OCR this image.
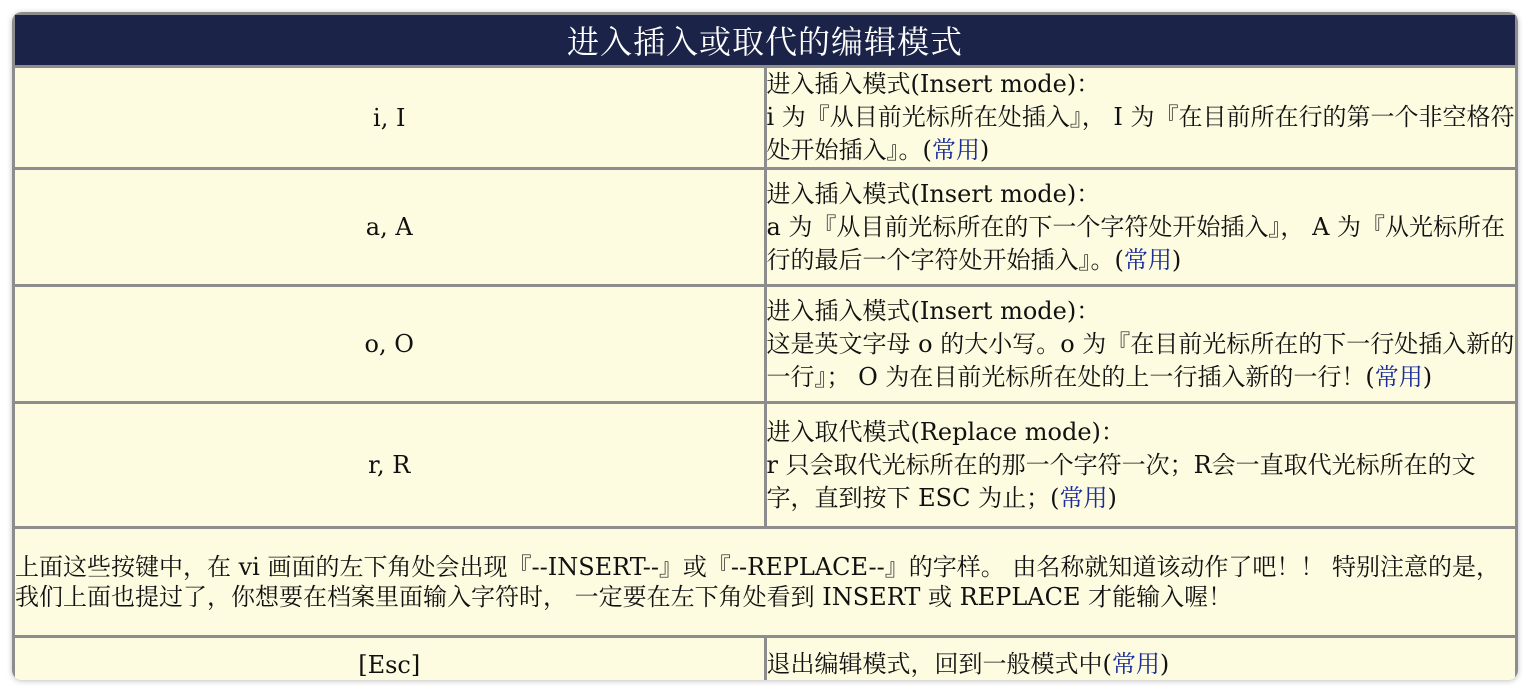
进入插入或取代的编辑模式	
i, I	进入插入模式(Insert mode)：
i 为『从目前光标所在处插入』， I 为『在目前所在行的第一个非空格符处开始插入』。(常用)

a, A	进入插入模式(Insert mode)：
a 为『从目前光标所在的下一个字符处开始插入』， A 为『从光标所在行的最后一个字符处开始插入』。(常用)

o, O	进入插入模式(Insert mode)：
这是英文字母 o 的大小写。o 为『在目前光标所在的下一行处插入新的一行』； O 为在目前光标所在处的上一行插入新的一行！(常用)

r, R	进入取代模式(Replace mode)：
r 只会取代光标所在的那一个字符一次；R会一直取代光标所在的文字，直到按下 ESC 为止；(常用)

上面这些按键中，在 vi 画面的左下角处会出现『--INSERT--』或『--REPLACE--』的字样。 由名称就知道该动作了吧！！ 特别注意的是，我们上面也提过了，你想要在档案里面输入字符时， 一定要在左下角处看到 INSERT 或 REPLACE 才能输入喔！	
[Esc]	退出编辑模式，回到一般模式中(常用)
